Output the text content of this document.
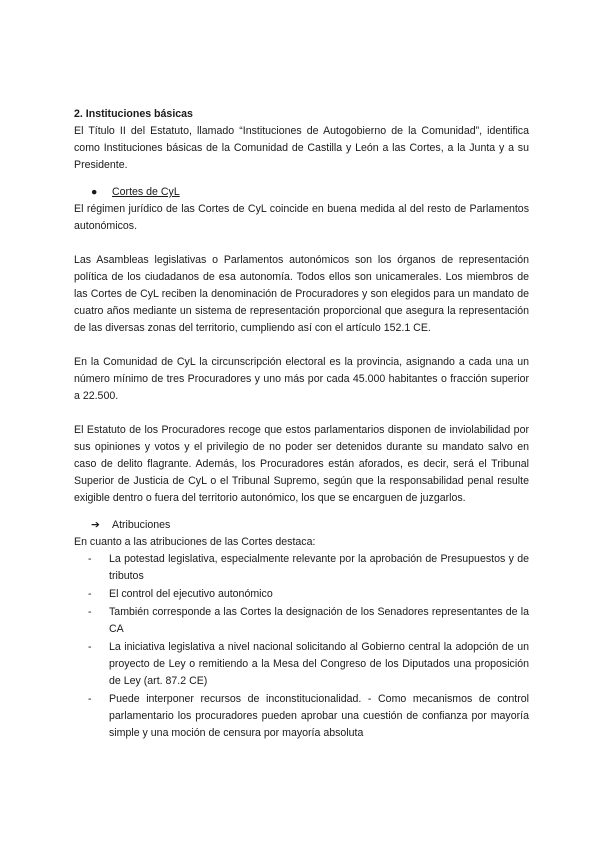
2. Instituciones básicas

El Título II del Estatuto, llamado “Instituciones de Autogobierno de la Comunidad”, identifica como Instituciones básicas de la Comunidad de Castilla y León a las Cortes, a la Junta y a su Presidente.

● Cortes de CyL

El régimen jurídico de las Cortes de CyL coincide en buena medida al del resto de Parlamentos autonómicos.

Las Asambleas legislativas o Parlamentos autonómicos son los órganos de representación política de los ciudadanos de esa autonomía. Todos ellos son unicamerales. Los miembros de las Cortes de CyL reciben la denominación de Procuradores y son elegidos para un mandato de cuatro años mediante un sistema de representación proporcional que asegura la representación de las diversas zonas del territorio, cumpliendo así con el artículo 152.1 CE.

En la Comunidad de CyL la circunscripción electoral es la provincia, asignando a cada una un número mínimo de tres Procuradores y uno más por cada 45.000 habitantes o fracción superior a 22.500.

El Estatuto de los Procuradores recoge que estos parlamentarios disponen de inviolabilidad por sus opiniones y votos y el privilegio de no poder ser detenidos durante su mandato salvo en caso de delito flagrante. Además, los Procuradores están aforados, es decir, será el Tribunal Superior de Justicia de CyL o el Tribunal Supremo, según que la responsabilidad penal resulte exigible dentro o fuera del territorio autonómico, los que se encarguen de juzgarlos.

➔ Atribuciones

En cuanto a las atribuciones de las Cortes destaca:

- La potestad legislativa, especialmente relevante por la aprobación de Presupuestos y de tributos
- El control del ejecutivo autonómico
- También corresponde a las Cortes la designación de los Senadores representantes de la CA
- La iniciativa legislativa a nivel nacional solicitando al Gobierno central la adopción de un proyecto de Ley o remitiendo a la Mesa del Congreso de los Diputados una proposición de Ley (art. 87.2 CE)
- Puede interponer recursos de inconstitucionalidad. - Como mecanismos de control parlamentario los procuradores pueden aprobar una cuestión de confianza por mayoría simple y una moción de censura por mayoría absoluta
